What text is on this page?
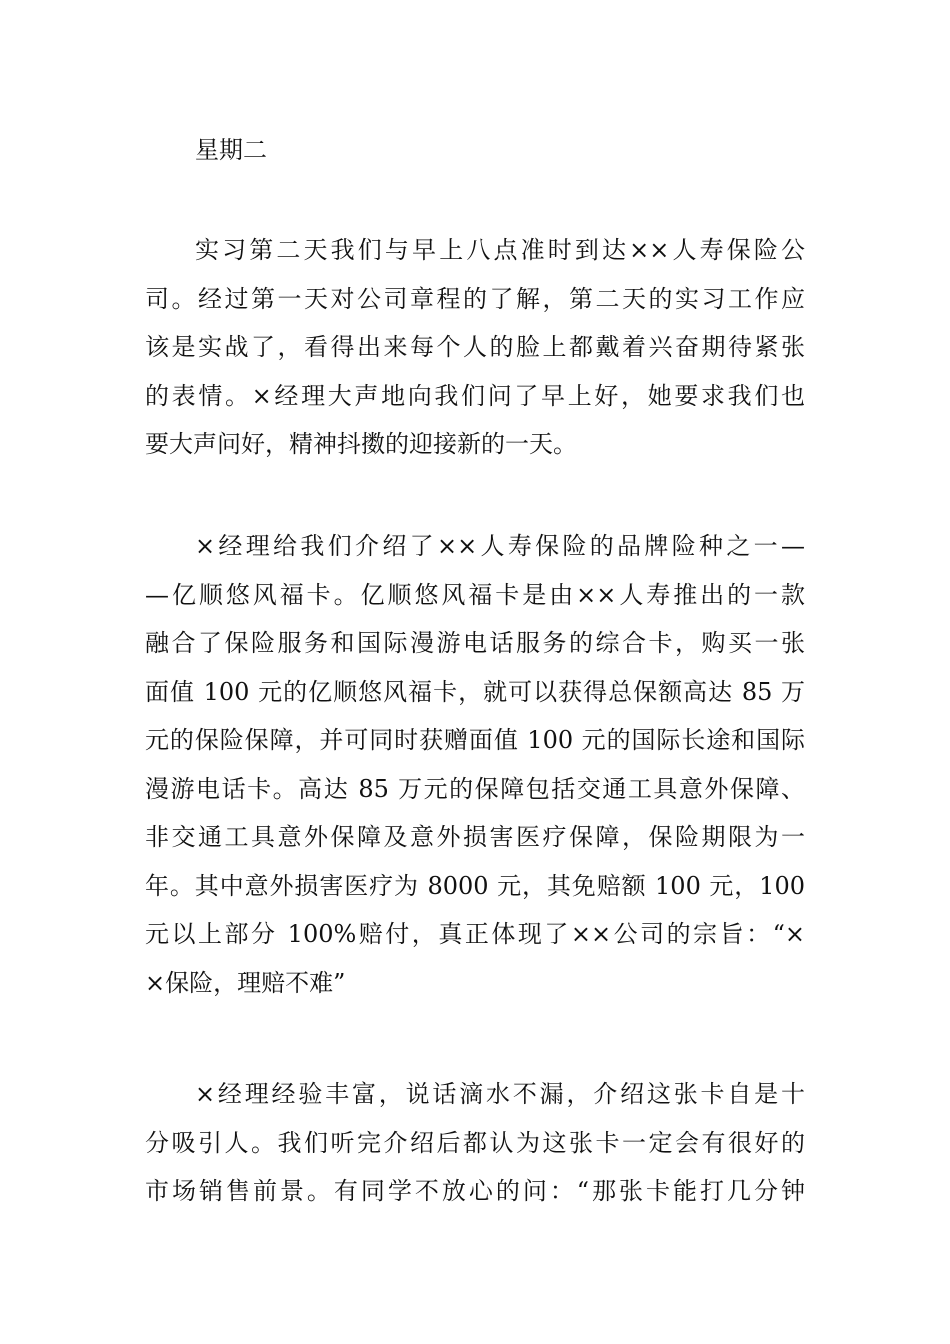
星期二

实习第二天我们与早上八点准时到达××人寿保险公
司。经过第一天对公司章程的了解，第二天的实习工作应
该是实战了，看得出来每个人的脸上都戴着兴奋期待紧张
的表情。×经理大声地向我们问了早上好，她要求我们也
要大声问好，精神抖擞的迎接新的一天。
×经理给我们介绍了××人寿保险的品牌险种之一—
—亿顺悠风福卡。亿顺悠风福卡是由××人寿推出的一款
融合了保险服务和国际漫游电话服务的综合卡，购买一张
面值 100 元的亿顺悠风福卡，就可以获得总保额高达 85 万
元的保险保障，并可同时获赠面值 100 元的国际长途和国际
漫游电话卡。高达 85 万元的保障包括交通工具意外保障、
非交通工具意外保障及意外损害医疗保障，保险期限为一
年。其中意外损害医疗为 8000 元，其免赔额 100 元，100
元以上部分 100%赔付，真正体现了××公司的宗旨：“×
×保险，理赔不难”
×经理经验丰富，说话滴水不漏，介绍这张卡自是十
分吸引人。我们听完介绍后都认为这张卡一定会有很好的
市场销售前景。有同学不放心的问：“那张卡能打几分钟
